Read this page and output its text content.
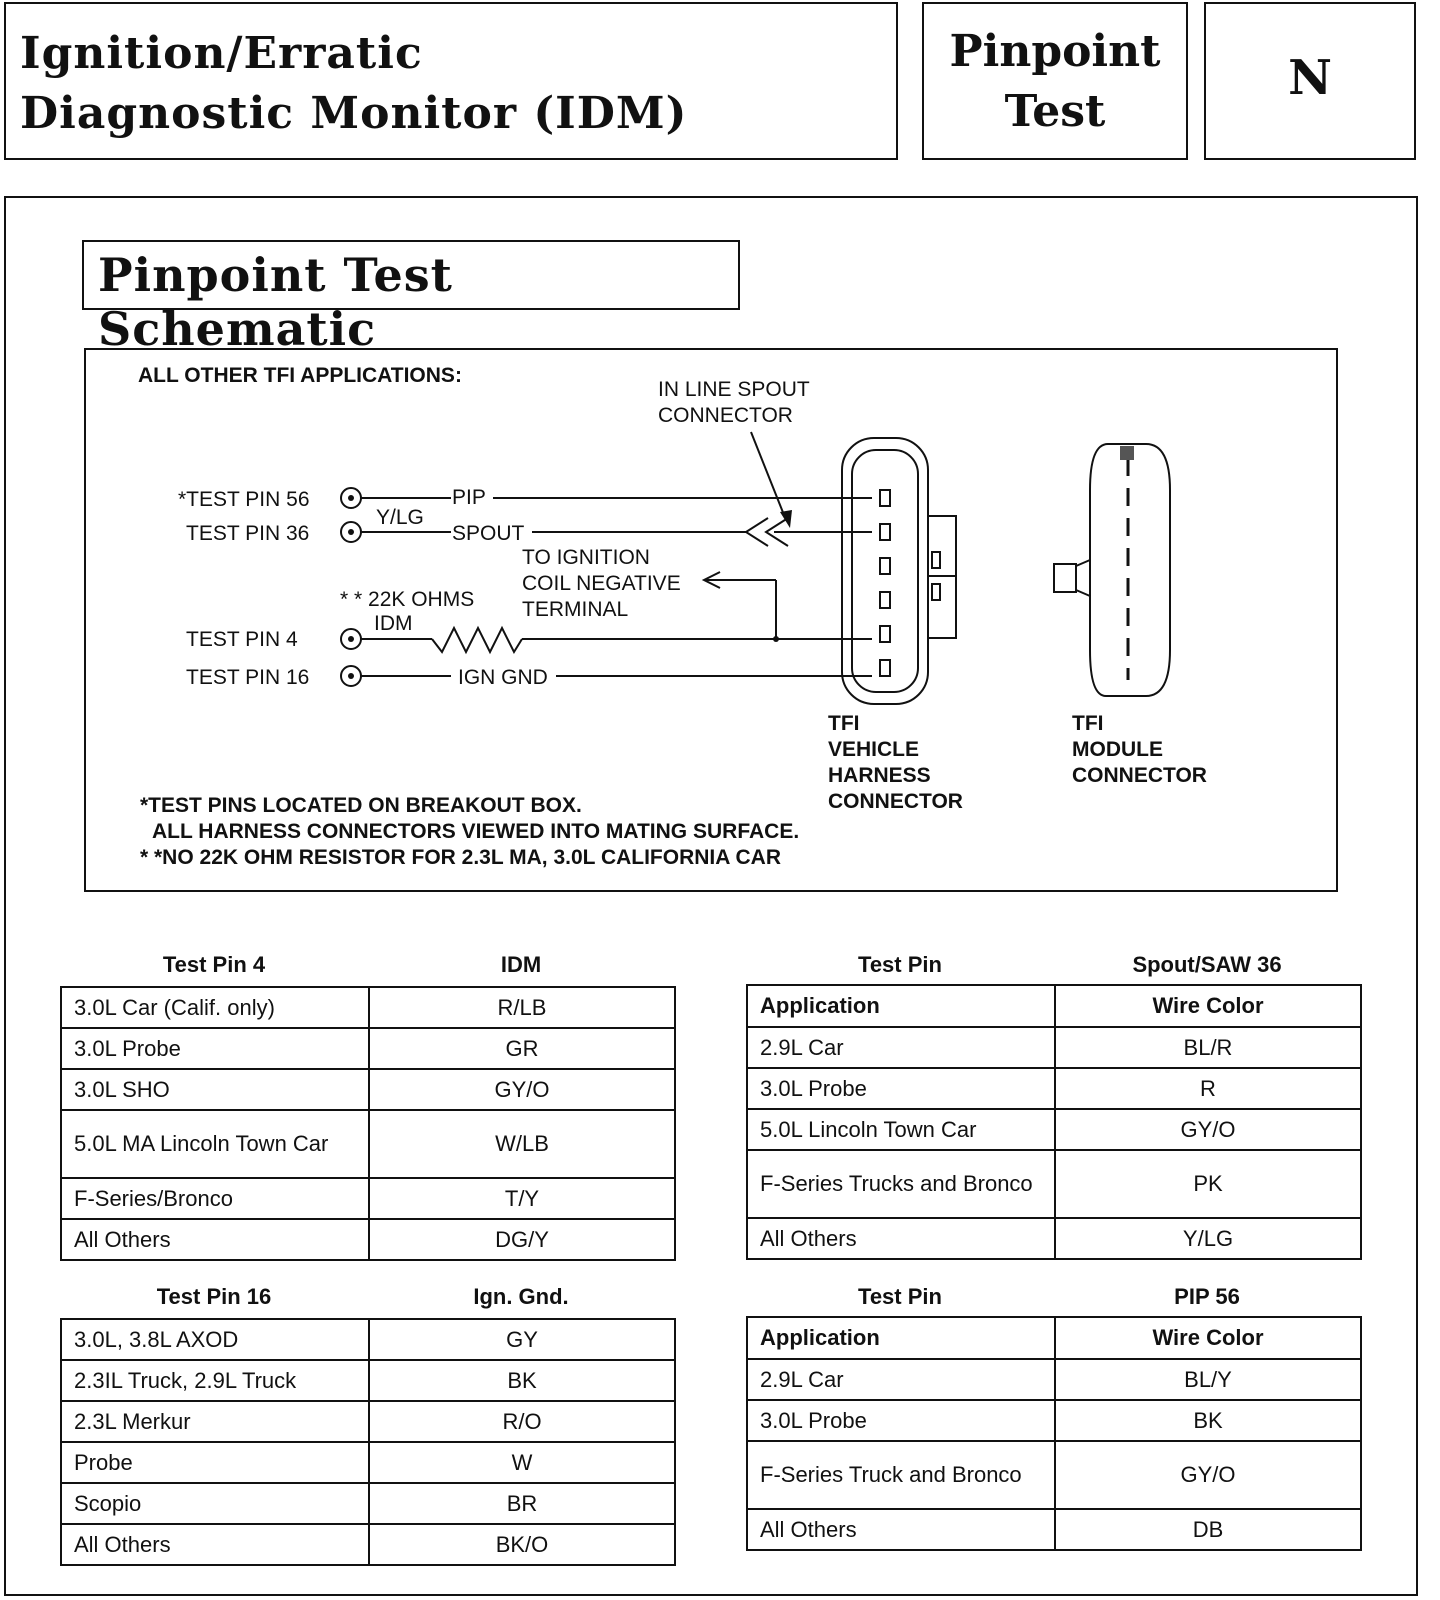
Ignition/Erratic
Diagnostic Monitor (IDM)
Pinpoint
Test
N
Pinpoint Test Schematic
ALL OTHER TFI APPLICATIONS:
IN LINE SPOUT
CONNECTOR
*TEST PIN 56
TEST PIN 36
TEST PIN 4
TEST PIN 16
PIP
Y/LG
SPOUT
IGN GND
* * 22K OHMS
IDM
TO IGNITION
COIL NEGATIVE
TERMINAL
TFI
VEHICLE
HARNESS
CONNECTOR
TFI
MODULE
CONNECTOR
*TEST PINS LOCATED ON BREAKOUT BOX.
ALL HARNESS CONNECTORS VIEWED INTO MATING SURFACE.
* *NO 22K OHM RESISTOR FOR 2.3L MA, 3.0L CALIFORNIA CAR
Test Pin 4	IDM
3.0L Car (Calif. only)	R/LB
3.0L Probe	GR
3.0L SHO	GY/O
5.0L MA Lincoln Town Car	W/LB
F-Series/Bronco	T/Y
All Others	DG/Y
Test Pin 16	Ign. Gnd.
3.0L, 3.8L AXOD	GY
2.3IL Truck, 2.9L Truck	BK
2.3L Merkur	R/O
Probe	W
Scopio	BR
All Others	BK/O
Test Pin	Spout/SAW 36
Application	Wire Color
2.9L Car	BL/R
3.0L Probe	R
5.0L Lincoln Town Car	GY/O
F-Series Trucks and Bronco	PK
All Others	Y/LG
Test Pin	PIP 56
Application	Wire Color
2.9L Car	BL/Y
3.0L Probe	BK
F-Series Truck and Bronco	GY/O
All Others	DB
